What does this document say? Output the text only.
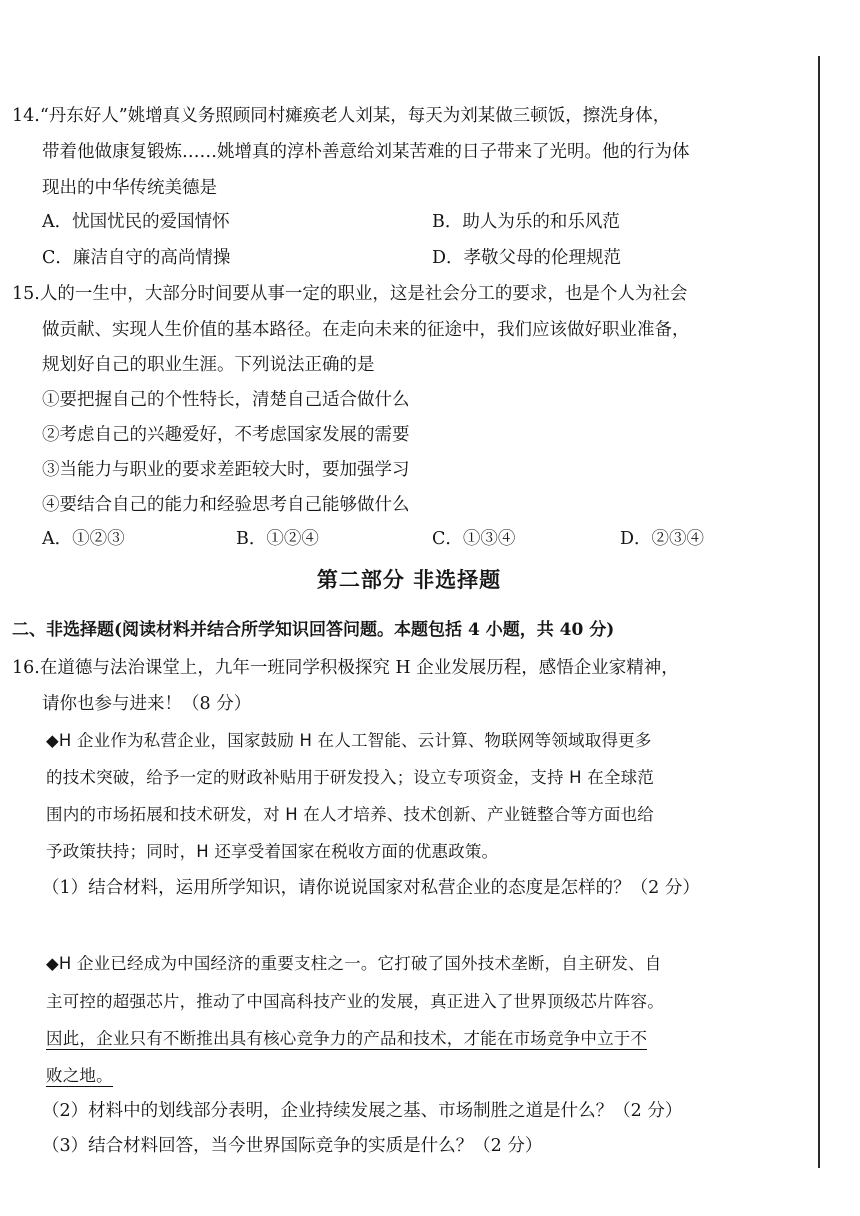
14.“丹东好人”姚增真义务照顾同村瘫痪老人刘某，每天为刘某做三顿饭，擦洗身体，
带着他做康复锻炼……姚增真的淳朴善意给刘某苦难的日子带来了光明。他的行为体
现出的中华传统美德是
A．忧国忧民的爱国情怀	B．助人为乐的和乐风范
C．廉洁自守的高尚情操	D．孝敬父母的伦理规范
15.人的一生中，大部分时间要从事一定的职业，这是社会分工的要求，也是个人为社会
做贡献、实现人生价值的基本路径。在走向未来的征途中，我们应该做好职业准备，
规划好自己的职业生涯。下列说法正确的是
①要把握自己的个性特长，清楚自己适合做什么
②考虑自己的兴趣爱好，不考虑国家发展的需要
③当能力与职业的要求差距较大时，要加强学习
④要结合自己的能力和经验思考自己能够做什么
A．①②③	B．①②④	C．①③④	D．②③④
第二部分 非选择题
二、非选择题(阅读材料并结合所学知识回答问题。本题包括 4 小题，共 40 分)
16.在道德与法治课堂上，九年一班同学积极探究 H 企业发展历程，感悟企业家精神，
请你也参与进来！（8 分）
◆H 企业作为私营企业，国家鼓励 H 在人工智能、云计算、物联网等领域取得更多
的技术突破，给予一定的财政补贴用于研发投入；设立专项资金，支持 H 在全球范
围内的市场拓展和技术研发，对 H 在人才培养、技术创新、产业链整合等方面也给
予政策扶持；同时，H 还享受着国家在税收方面的优惠政策。
（1）结合材料，运用所学知识，请你说说国家对私营企业的态度是怎样的？（2 分）
◆H 企业已经成为中国经济的重要支柱之一。它打破了国外技术垄断，自主研发、自
主可控的超强芯片，推动了中国高科技产业的发展，真正进入了世界顶级芯片阵容。
因此，企业只有不断推出具有核心竞争力的产品和技术，才能在市场竞争中立于不
败之地。
（2）材料中的划线部分表明，企业持续发展之基、市场制胜之道是什么？（2 分）
（3）结合材料回答，当今世界国际竞争的实质是什么？（2 分）
